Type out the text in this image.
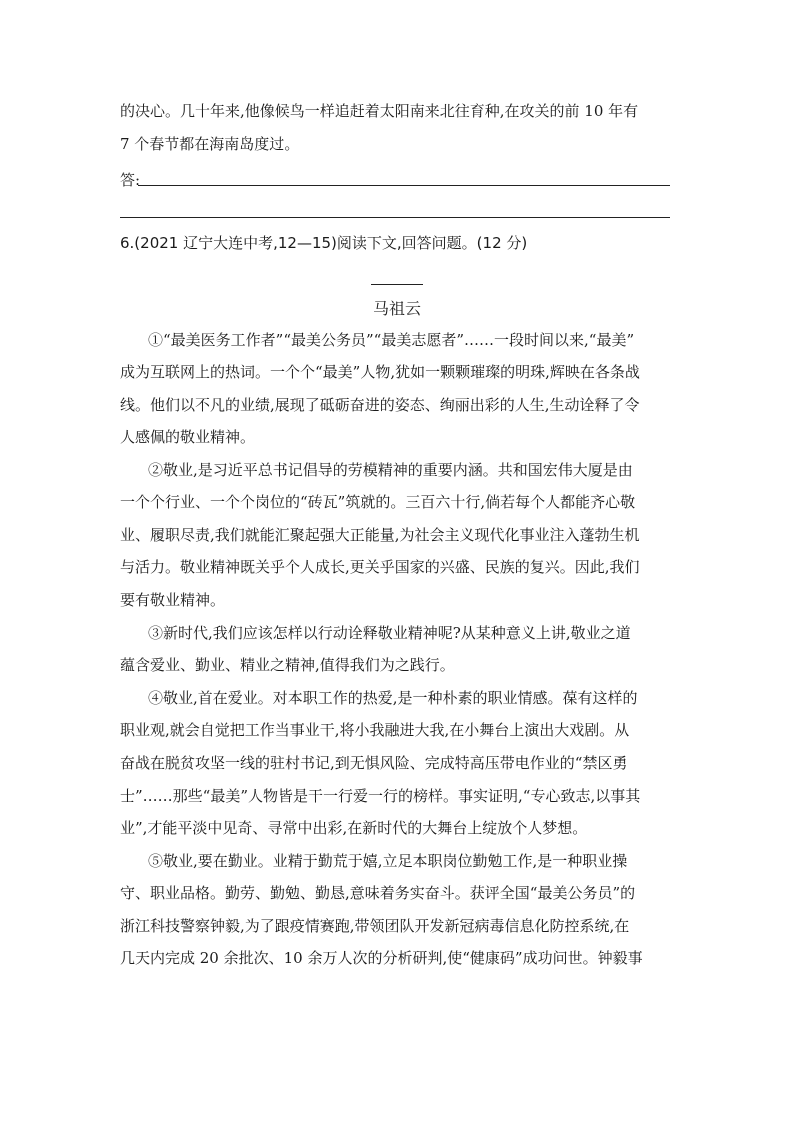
的决心。几十年来,他像候鸟一样追赶着太阳南来北往育种,在攻关的前 10 年有
7 个春节都在海南岛度过。
答:
6.(2021 辽宁大连中考,12—15)阅读下文,回答问题。(12 分)
马祖云
①“最美医务工作者”“最美公务员”“最美志愿者”……一段时间以来,“最美”
成为互联网上的热词。一个个“最美”人物,犹如一颗颗璀璨的明珠,辉映在各条战
线。他们以不凡的业绩,展现了砥砺奋进的姿态、绚丽出彩的人生,生动诠释了令
人感佩的敬业精神。
②敬业,是习近平总书记倡导的劳模精神的重要内涵。共和国宏伟大厦是由
一个个行业、一个个岗位的“砖瓦”筑就的。三百六十行,倘若每个人都能齐心敬
业、履职尽责,我们就能汇聚起强大正能量,为社会主义现代化事业注入蓬勃生机
与活力。敬业精神既关乎个人成长,更关乎国家的兴盛、民族的复兴。因此,我们
要有敬业精神。
③新时代,我们应该怎样以行动诠释敬业精神呢?从某种意义上讲,敬业之道
蕴含爱业、勤业、精业之精神,值得我们为之践行。
④敬业,首在爱业。对本职工作的热爱,是一种朴素的职业情感。葆有这样的
职业观,就会自觉把工作当事业干,将小我融进大我,在小舞台上演出大戏剧。从
奋战在脱贫攻坚一线的驻村书记,到无惧风险、完成特高压带电作业的“禁区勇
士”……那些“最美”人物皆是干一行爱一行的榜样。事实证明,“专心致志,以事其
业”,才能平淡中见奇、寻常中出彩,在新时代的大舞台上绽放个人梦想。
⑤敬业,要在勤业。业精于勤荒于嬉,立足本职岗位勤勉工作,是一种职业操
守、职业品格。勤劳、勤勉、勤恳,意味着务实奋斗。获评全国“最美公务员”的
浙江科技警察钟毅,为了跟疫情赛跑,带领团队开发新冠病毒信息化防控系统,在
几天内完成 20 余批次、10 余万人次的分析研判,使“健康码”成功问世。钟毅事
